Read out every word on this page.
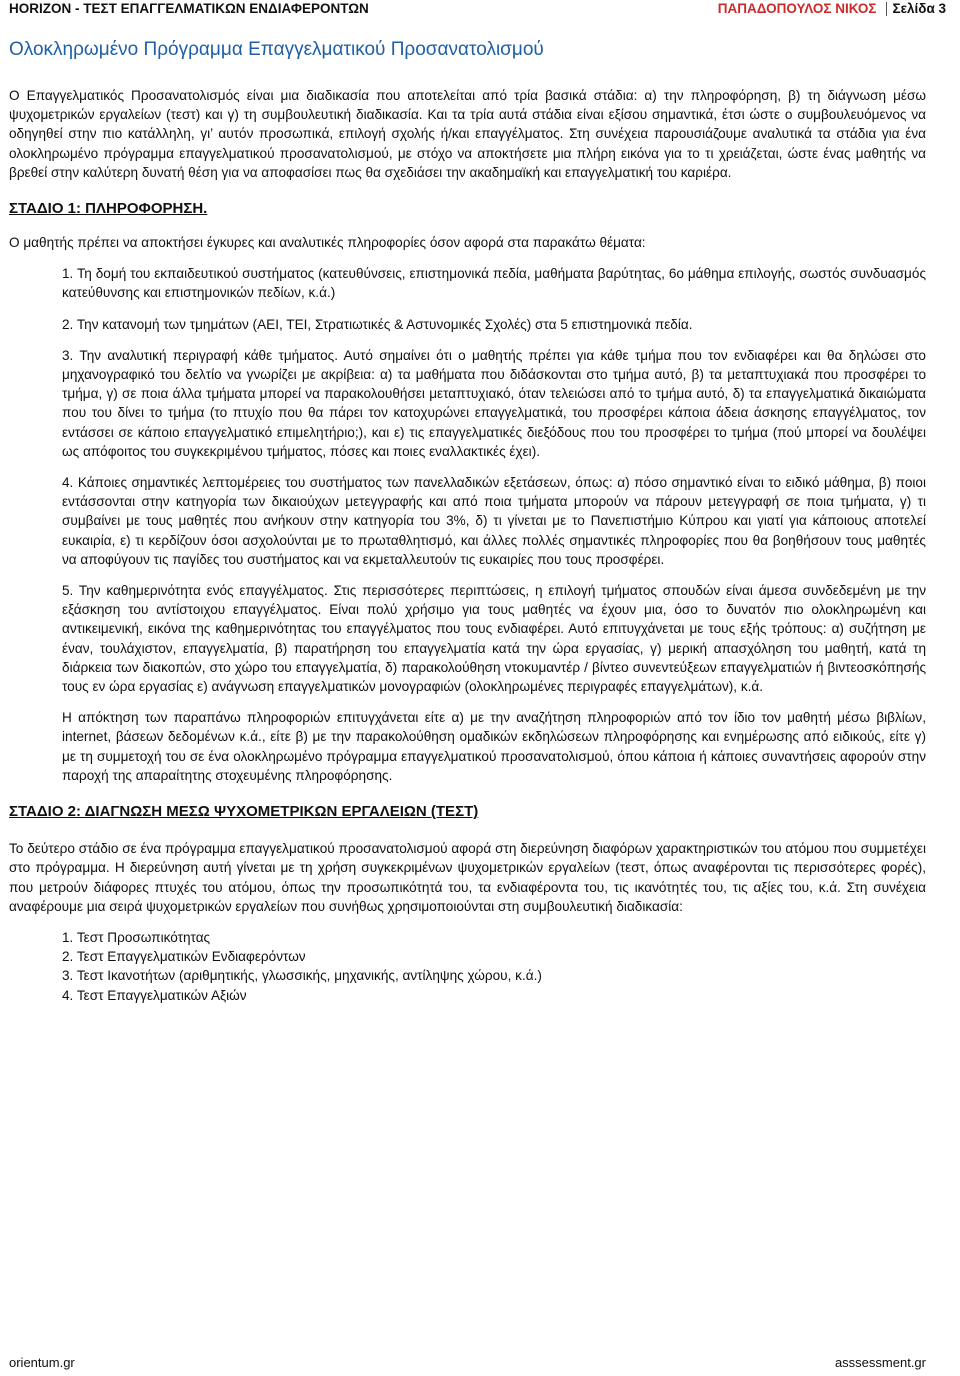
HORIZON - ΤΕΣΤ ΕΠΑΓΓΕΛΜΑΤΙΚΩΝ ΕΝΔΙΑΦΕΡΟΝΤΩΝ	ΠΑΠΑΔΟΠΟΥΛΟΣ ΝΙΚΟΣ Σελίδα 3
Ολοκληρωμένο Πρόγραμμα Επαγγελματικού Προσανατολισμού

Ο Επαγγελματικός Προσανατολισμός είναι μια διαδικασία που αποτελείται από τρία βασικά στάδια: α) την πληροφόρηση, β) τη διάγνωση μέσω ψυχομετρικών εργαλείων (τεστ) και γ) τη συμβουλευτική διαδικασία. Και τα τρία αυτά στάδια είναι εξίσου σημαντικά, έτσι ώστε ο συμβουλευόμενος να οδηγηθεί στην πιο κατάλληλη, γι’ αυτόν προσωπικά, επιλογή σχολής ή/και επαγγέλματος. Στη συνέχεια παρουσιάζουμε αναλυτικά τα στάδια για ένα ολοκληρωμένο πρόγραμμα επαγγελματικού προσανατολισμού, με στόχο να αποκτήσετε μια πλήρη εικόνα για το τι χρειάζεται, ώστε ένας μαθητής να βρεθεί στην καλύτερη δυνατή θέση για να αποφασίσει πως θα σχεδιάσει την ακαδημαϊκή και επαγγελματική του καριέρα.

ΣΤΑΔΙΟ 1: ΠΛΗΡΟΦΟΡΗΣΗ.

Ο μαθητής πρέπει να αποκτήσει έγκυρες και αναλυτικές πληροφορίες όσον αφορά στα παρακάτω θέματα:

1. Τη δομή του εκπαιδευτικού συστήματος (κατευθύνσεις, επιστημονικά πεδία, μαθήματα βαρύτητας, 6ο μάθημα επιλογής, σωστός συνδυασμός κατεύθυνσης και επιστημονικών πεδίων, κ.ά.)

2. Την κατανομή των τμημάτων (ΑΕΙ, ΤΕΙ, Στρατιωτικές & Αστυνομικές Σχολές) στα 5 επιστημονικά πεδία.

3. Την αναλυτική περιγραφή κάθε τμήματος. Αυτό σημαίνει ότι ο μαθητής πρέπει για κάθε τμήμα που τον ενδιαφέρει και θα δηλώσει στο μηχανογραφικό του δελτίο να γνωρίζει με ακρίβεια: α) τα μαθήματα που διδάσκονται στο τμήμα αυτό, β) τα μεταπτυχιακά που προσφέρει το τμήμα, γ) σε ποια άλλα τμήματα μπορεί να παρακολουθήσει μεταπτυχιακό, όταν τελειώσει από το τμήμα αυτό, δ) τα επαγγελματικά δικαιώματα που του δίνει το τμήμα (το πτυχίο που θα πάρει τον κατοχυρώνει επαγγελματικά, του προσφέρει κάποια άδεια άσκησης επαγγέλματος, τον εντάσσει σε κάποιο επαγγελματικό επιμελητήριο;), και ε) τις επαγγελματικές διεξόδους που του προσφέρει το τμήμα (πού μπορεί να δουλέψει ως απόφοιτος του συγκεκριμένου τμήματος, πόσες και ποιες εναλλακτικές έχει).

4. Κάποιες σημαντικές λεπτομέρειες του συστήματος των πανελλαδικών εξετάσεων, όπως: α) πόσο σημαντικό είναι το ειδικό μάθημα, β) ποιοι εντάσσονται στην κατηγορία των δικαιούχων μετεγγραφής και από ποια τμήματα μπορούν να πάρουν μετεγγραφή σε ποια τμήματα, γ) τι συμβαίνει με τους μαθητές που ανήκουν στην κατηγορία του 3%, δ) τι γίνεται με το Πανεπιστήμιο Κύπρου και γιατί για κάποιους αποτελεί ευκαιρία, ε) τι κερδίζουν όσοι ασχολούνται με το πρωταθλητισμό, και άλλες πολλές σημαντικές πληροφορίες που θα βοηθήσουν τους μαθητές να αποφύγουν τις παγίδες του συστήματος και να εκμεταλλευτούν τις ευκαιρίες που τους προσφέρει.

5. Την καθημερινότητα ενός επαγγέλματος. Στις περισσότερες περιπτώσεις, η επιλογή τμήματος σπουδών είναι άμεσα συνδεδεμένη με την εξάσκηση του αντίστοιχου επαγγέλματος. Είναι πολύ χρήσιμο για τους μαθητές να έχουν μια, όσο το δυνατόν πιο ολοκληρωμένη και αντικειμενική, εικόνα της καθημερινότητας του επαγγέλματος που τους ενδιαφέρει. Αυτό επιτυγχάνεται με τους εξής τρόπους: α) συζήτηση με έναν, τουλάχιστον, επαγγελματία, β) παρατήρηση του επαγγελματία κατά την ώρα εργασίας, γ) μερική απασχόληση του μαθητή, κατά τη διάρκεια των διακοπών, στο χώρο του επαγγελματία, δ) παρακολούθηση ντοκυμαντέρ / βίντεο συνεντεύξεων επαγγελματιών ή βιντεοσκόπησής τους εν ώρα εργασίας ε) ανάγνωση επαγγελματικών μονογραφιών (ολοκληρωμένες περιγραφές επαγγελμάτων), κ.ά.

Η απόκτηση των παραπάνω πληροφοριών επιτυγχάνεται είτε α) με την αναζήτηση πληροφοριών από τον ίδιο τον μαθητή μέσω βιβλίων, internet, βάσεων δεδομένων κ.ά., είτε β) με την παρακολούθηση ομαδικών εκδηλώσεων πληροφόρησης και ενημέρωσης από ειδικούς, είτε γ) με τη συμμετοχή του σε ένα ολοκληρωμένο πρόγραμμα επαγγελματικού προσανατολισμού, όπου κάποια ή κάποιες συναντήσεις αφορούν στην παροχή της απαραίτητης στοχευμένης πληροφόρησης.

ΣΤΑΔΙΟ 2: ΔΙΑΓΝΩΣΗ ΜΕΣΩ ΨΥΧΟΜΕΤΡΙΚΩΝ ΕΡΓΑΛΕΙΩΝ (ΤΕΣΤ)

Το δεύτερο στάδιο σε ένα πρόγραμμα επαγγελματικού προσανατολισμού αφορά στη διερεύνηση διαφόρων χαρακτηριστικών του ατόμου που συμμετέχει στο πρόγραμμα. Η διερεύνηση αυτή γίνεται με τη χρήση συγκεκριμένων ψυχομετρικών εργαλείων (τεστ, όπως αναφέρονται τις περισσότερες φορές), που μετρούν διάφορες πτυχές του ατόμου, όπως την προσωπικότητά του, τα ενδιαφέροντα του, τις ικανότητές του, τις αξίες του, κ.ά. Στη συνέχεια αναφέρουμε μια σειρά ψυχομετρικών εργαλείων που συνήθως χρησιμοποιούνται στη συμβουλευτική διαδικασία:

1. Τεστ Προσωπικότητας
2. Τεστ Επαγγελματικών Ενδιαφερόντων
3. Τεστ Ικανοτήτων (αριθμητικής, γλωσσικής, μηχανικής, αντίληψης χώρου, κ.ά.)
4. Τεστ Επαγγελματικών Αξιών
orientum.gr	asssessment.gr
